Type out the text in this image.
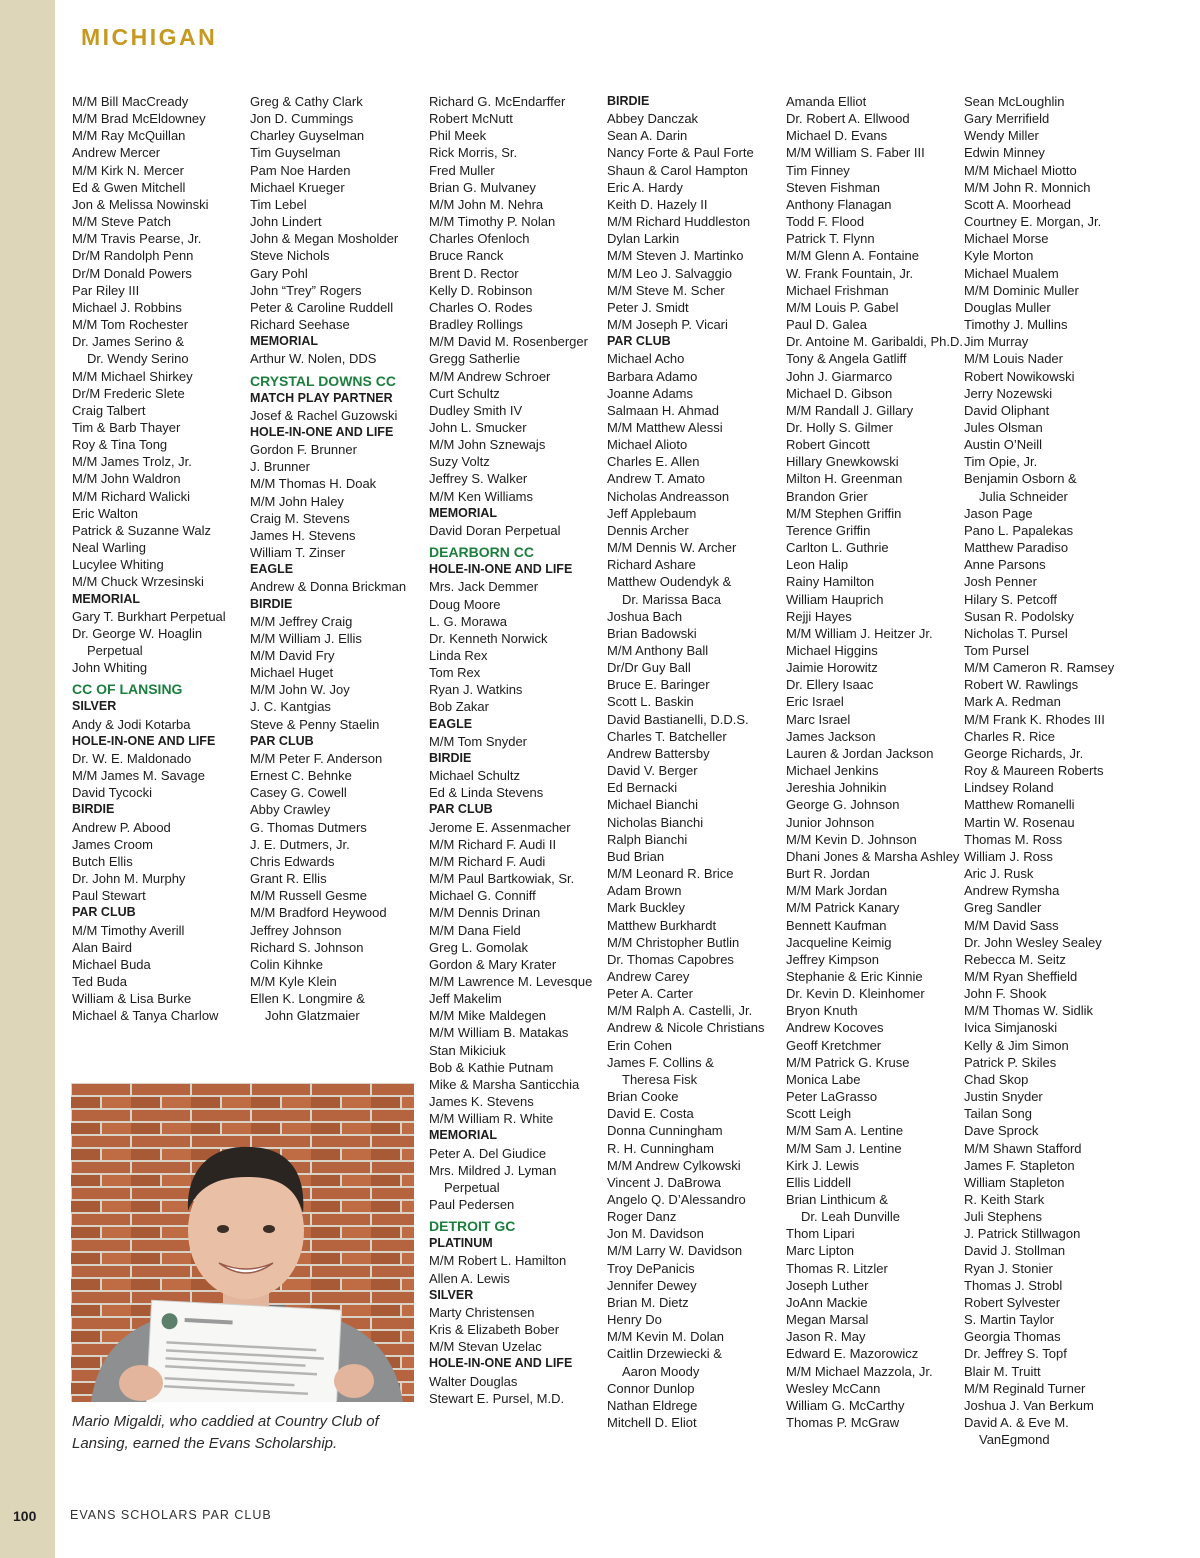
MICHIGAN
M/M Bill MacCready
M/M Brad McEldowney
M/M Ray McQuillan
Andrew Mercer
M/M Kirk N. Mercer
Ed & Gwen Mitchell
Jon & Melissa Nowinski
M/M Steve Patch
M/M Travis Pearse, Jr.
Dr/M Randolph Penn
Dr/M Donald Powers
Par Riley III
Michael J. Robbins
M/M Tom Rochester
Dr. James Serino &
Dr. Wendy Serino
M/M Michael Shirkey
Dr/M Frederic Slete
Craig Talbert
Tim & Barb Thayer
Roy & Tina Tong
M/M James Trolz, Jr.
M/M John Waldron
M/M Richard Walicki
Eric Walton
Patrick & Suzanne Walz
Neal Warling
Lucylee Whiting
M/M Chuck Wrzesinski
MEMORIAL
Gary T. Burkhart Perpetual
Dr. George W. Hoaglin
Perpetual
John Whiting
CC OF LANSING
SILVER
Andy & Jodi Kotarba
HOLE-IN-ONE AND LIFE
Dr. W. E. Maldonado
M/M James M. Savage
David Tycocki
BIRDIE
Andrew P. Abood
James Croom
Butch Ellis
Dr. John M. Murphy
Paul Stewart
PAR CLUB
M/M Timothy Averill
Alan Baird
Michael Buda
Ted Buda
William & Lisa Burke
Michael & Tanya Charlow
Greg & Cathy Clark
Jon D. Cummings
Charley Guyselman
Tim Guyselman
Pam Noe Harden
Michael Krueger
Tim Lebel
John Lindert
John & Megan Mosholder
Steve Nichols
Gary Pohl
John “Trey” Rogers
Peter & Caroline Ruddell
Richard Seehase
MEMORIAL
Arthur W. Nolen, DDS
CRYSTAL DOWNS CC
MATCH PLAY PARTNER
Josef & Rachel Guzowski
HOLE-IN-ONE AND LIFE
Gordon F. Brunner
J. Brunner
M/M Thomas H. Doak
M/M John Haley
Craig M. Stevens
James H. Stevens
William T. Zinser
EAGLE
Andrew & Donna Brickman
BIRDIE
M/M Jeffrey Craig
M/M William J. Ellis
M/M David Fry
Michael Huget
M/M John W. Joy
J. C. Kantgias
Steve & Penny Staelin
PAR CLUB
M/M Peter F. Anderson
Ernest C. Behnke
Casey G. Cowell
Abby Crawley
G. Thomas Dutmers
J. E. Dutmers, Jr.
Chris Edwards
Grant R. Ellis
M/M Russell Gesme
M/M Bradford Heywood
Jeffrey Johnson
Richard S. Johnson
Colin Kihnke
M/M Kyle Klein
Ellen K. Longmire &
John Glatzmaier
Richard G. McEndarffer
Robert McNutt
Phil Meek
Rick Morris, Sr.
Fred Muller
Brian G. Mulvaney
M/M John M. Nehra
M/M Timothy P. Nolan
Charles Ofenloch
Bruce Ranck
Brent D. Rector
Kelly D. Robinson
Charles O. Rodes
Bradley Rollings
M/M David M. Rosenberger
Gregg Satherlie
M/M Andrew Schroer
Curt Schultz
Dudley Smith IV
John L. Smucker
M/M John Sznewajs
Suzy Voltz
Jeffrey S. Walker
M/M Ken Williams
MEMORIAL
David Doran Perpetual
DEARBORN CC
HOLE-IN-ONE AND LIFE
Mrs. Jack Demmer
Doug Moore
L. G. Morawa
Dr. Kenneth Norwick
Linda Rex
Tom Rex
Ryan J. Watkins
Bob Zakar
EAGLE
M/M Tom Snyder
BIRDIE
Michael Schultz
Ed & Linda Stevens
PAR CLUB
Jerome E. Assenmacher
M/M Richard F. Audi II
M/M Richard F. Audi
M/M Paul Bartkowiak, Sr.
Michael G. Conniff
M/M Dennis Drinan
M/M Dana Field
Greg L. Gomolak
Gordon & Mary Krater
M/M Lawrence M. Levesque
Jeff Makelim
M/M Mike Maldegen
M/M William B. Matakas
Stan Mikiciuk
Bob & Kathie Putnam
Mike & Marsha Santicchia
James K. Stevens
M/M William R. White
MEMORIAL
Peter A. Del Giudice
Mrs. Mildred J. Lyman
Perpetual
Paul Pedersen
DETROIT GC
PLATINUM
M/M Robert L. Hamilton
Allen A. Lewis
SILVER
Marty Christensen
Kris & Elizabeth Bober
M/M Stevan Uzelac
HOLE-IN-ONE AND LIFE
Walter Douglas
Stewart E. Pursel, M.D.
BIRDIE
Abbey Danczak
Sean A. Darin
Nancy Forte & Paul Forte
Shaun & Carol Hampton
Eric A. Hardy
Keith D. Hazely II
M/M Richard Huddleston
Dylan Larkin
M/M Steven J. Martinko
M/M Leo J. Salvaggio
M/M Steve M. Scher
Peter J. Smidt
M/M Joseph P. Vicari
PAR CLUB
Michael Acho
Barbara Adamo
Joanne Adams
Salmaan H. Ahmad
M/M Matthew Alessi
Michael Alioto
Charles E. Allen
Andrew T. Amato
Nicholas Andreasson
Jeff Applebaum
Dennis Archer
M/M Dennis W. Archer
Richard Ashare
Matthew Oudendyk &
Dr. Marissa Baca
Joshua Bach
Brian Badowski
M/M Anthony Ball
Dr/Dr Guy Ball
Bruce E. Baringer
Scott L. Baskin
David Bastianelli, D.D.S.
Charles T. Batcheller
Andrew Battersby
David V. Berger
Ed Bernacki
Michael Bianchi
Nicholas Bianchi
Ralph Bianchi
Bud Brian
M/M Leonard R. Brice
Adam Brown
Mark Buckley
Matthew Burkhardt
M/M Christopher Butlin
Dr. Thomas Capobres
Andrew Carey
Peter A. Carter
M/M Ralph A. Castelli, Jr.
Andrew & Nicole Christians
Erin Cohen
James F. Collins &
Theresa Fisk
Brian Cooke
David E. Costa
Donna Cunningham
R. H. Cunningham
M/M Andrew Cylkowski
Vincent J. DaBrowa
Angelo Q. D’Alessandro
Roger Danz
Jon M. Davidson
M/M Larry W. Davidson
Troy DePanicis
Jennifer Dewey
Brian M. Dietz
Henry Do
M/M Kevin M. Dolan
Caitlin Drzewiecki &
Aaron Moody
Connor Dunlop
Nathan Eldrege
Mitchell D. Eliot
Amanda Elliot
Dr. Robert A. Ellwood
Michael D. Evans
M/M William S. Faber III
Tim Finney
Steven Fishman
Anthony Flanagan
Todd F. Flood
Patrick T. Flynn
M/M Glenn A. Fontaine
W. Frank Fountain, Jr.
Michael Frishman
M/M Louis P. Gabel
Paul D. Galea
Dr. Antoine M. Garibaldi, Ph.D.
Tony & Angela Gatliff
John J. Giarmarco
Michael D. Gibson
M/M Randall J. Gillary
Dr. Holly S. Gilmer
Robert Gincott
Hillary Gnewkowski
Milton H. Greenman
Brandon Grier
M/M Stephen Griffin
Terence Griffin
Carlton L. Guthrie
Leon Halip
Rainy Hamilton
William Hauprich
Rejji Hayes
M/M William J. Heitzer Jr.
Michael Higgins
Jaimie Horowitz
Dr. Ellery Isaac
Eric Israel
Marc Israel
James Jackson
Lauren & Jordan Jackson
Michael Jenkins
Jereshia Johnikin
George G. Johnson
Junior Johnson
M/M Kevin D. Johnson
Dhani Jones & Marsha Ashley
Burt R. Jordan
M/M Mark Jordan
M/M Patrick Kanary
Bennett Kaufman
Jacqueline Keimig
Jeffrey Kimpson
Stephanie & Eric Kinnie
Dr. Kevin D. Kleinhomer
Bryon Knuth
Andrew Kocoves
Geoff Kretchmer
M/M Patrick G. Kruse
Monica Labe
Peter LaGrasso
Scott Leigh
M/M Sam A. Lentine
M/M Sam J. Lentine
Kirk J. Lewis
Ellis Liddell
Brian Linthicum &
Dr. Leah Dunville
Thom Lipari
Marc Lipton
Thomas R. Litzler
Joseph Luther
JoAnn Mackie
Megan Marsal
Jason R. May
Edward E. Mazorowicz
M/M Michael Mazzola, Jr.
Wesley McCann
William G. McCarthy
Thomas P. McGraw
Sean McLoughlin
Gary Merrifield
Wendy Miller
Edwin Minney
M/M Michael Miotto
M/M John R. Monnich
Scott A. Moorhead
Courtney E. Morgan, Jr.
Michael Morse
Kyle Morton
Michael Mualem
M/M Dominic Muller
Douglas Muller
Timothy J. Mullins
Jim Murray
M/M Louis Nader
Robert Nowikowski
Jerry Nozewski
David Oliphant
Jules Olsman
Austin O’Neill
Tim Opie, Jr.
Benjamin Osborn &
Julia Schneider
Jason Page
Pano L. Papalekas
Matthew Paradiso
Anne Parsons
Josh Penner
Hilary S. Petcoff
Susan R. Podolsky
Nicholas T. Pursel
Tom Pursel
M/M Cameron R. Ramsey
Robert W. Rawlings
Mark A. Redman
M/M Frank K. Rhodes III
Charles R. Rice
George Richards, Jr.
Roy & Maureen Roberts
Lindsey Roland
Matthew Romanelli
Martin W. Rosenau
Thomas M. Ross
William J. Ross
Aric J. Rusk
Andrew Rymsha
Greg Sandler
M/M David Sass
Dr. John Wesley Sealey
Rebecca M. Seitz
M/M Ryan Sheffield
John F. Shook
M/M Thomas W. Sidlik
Ivica Simjanoski
Kelly & Jim Simon
Patrick P. Skiles
Chad Skop
Justin Snyder
Tailan Song
Dave Sprock
M/M Shawn Stafford
James F. Stapleton
William Stapleton
R. Keith Stark
Juli Stephens
J. Patrick Stillwagon
David J. Stollman
Ryan J. Stonier
Thomas J. Strobl
Robert Sylvester
S. Martin Taylor
Georgia Thomas
Dr. Jeffrey S. Topf
Blair M. Truitt
M/M Reginald Turner
Joshua J. Van Berkum
David A. & Eve M.
VanEgmond
Mario Migaldi, who caddied at Country Club of Lansing, earned the Evans Scholarship.
100	EVANS SCHOLARS PAR CLUB
